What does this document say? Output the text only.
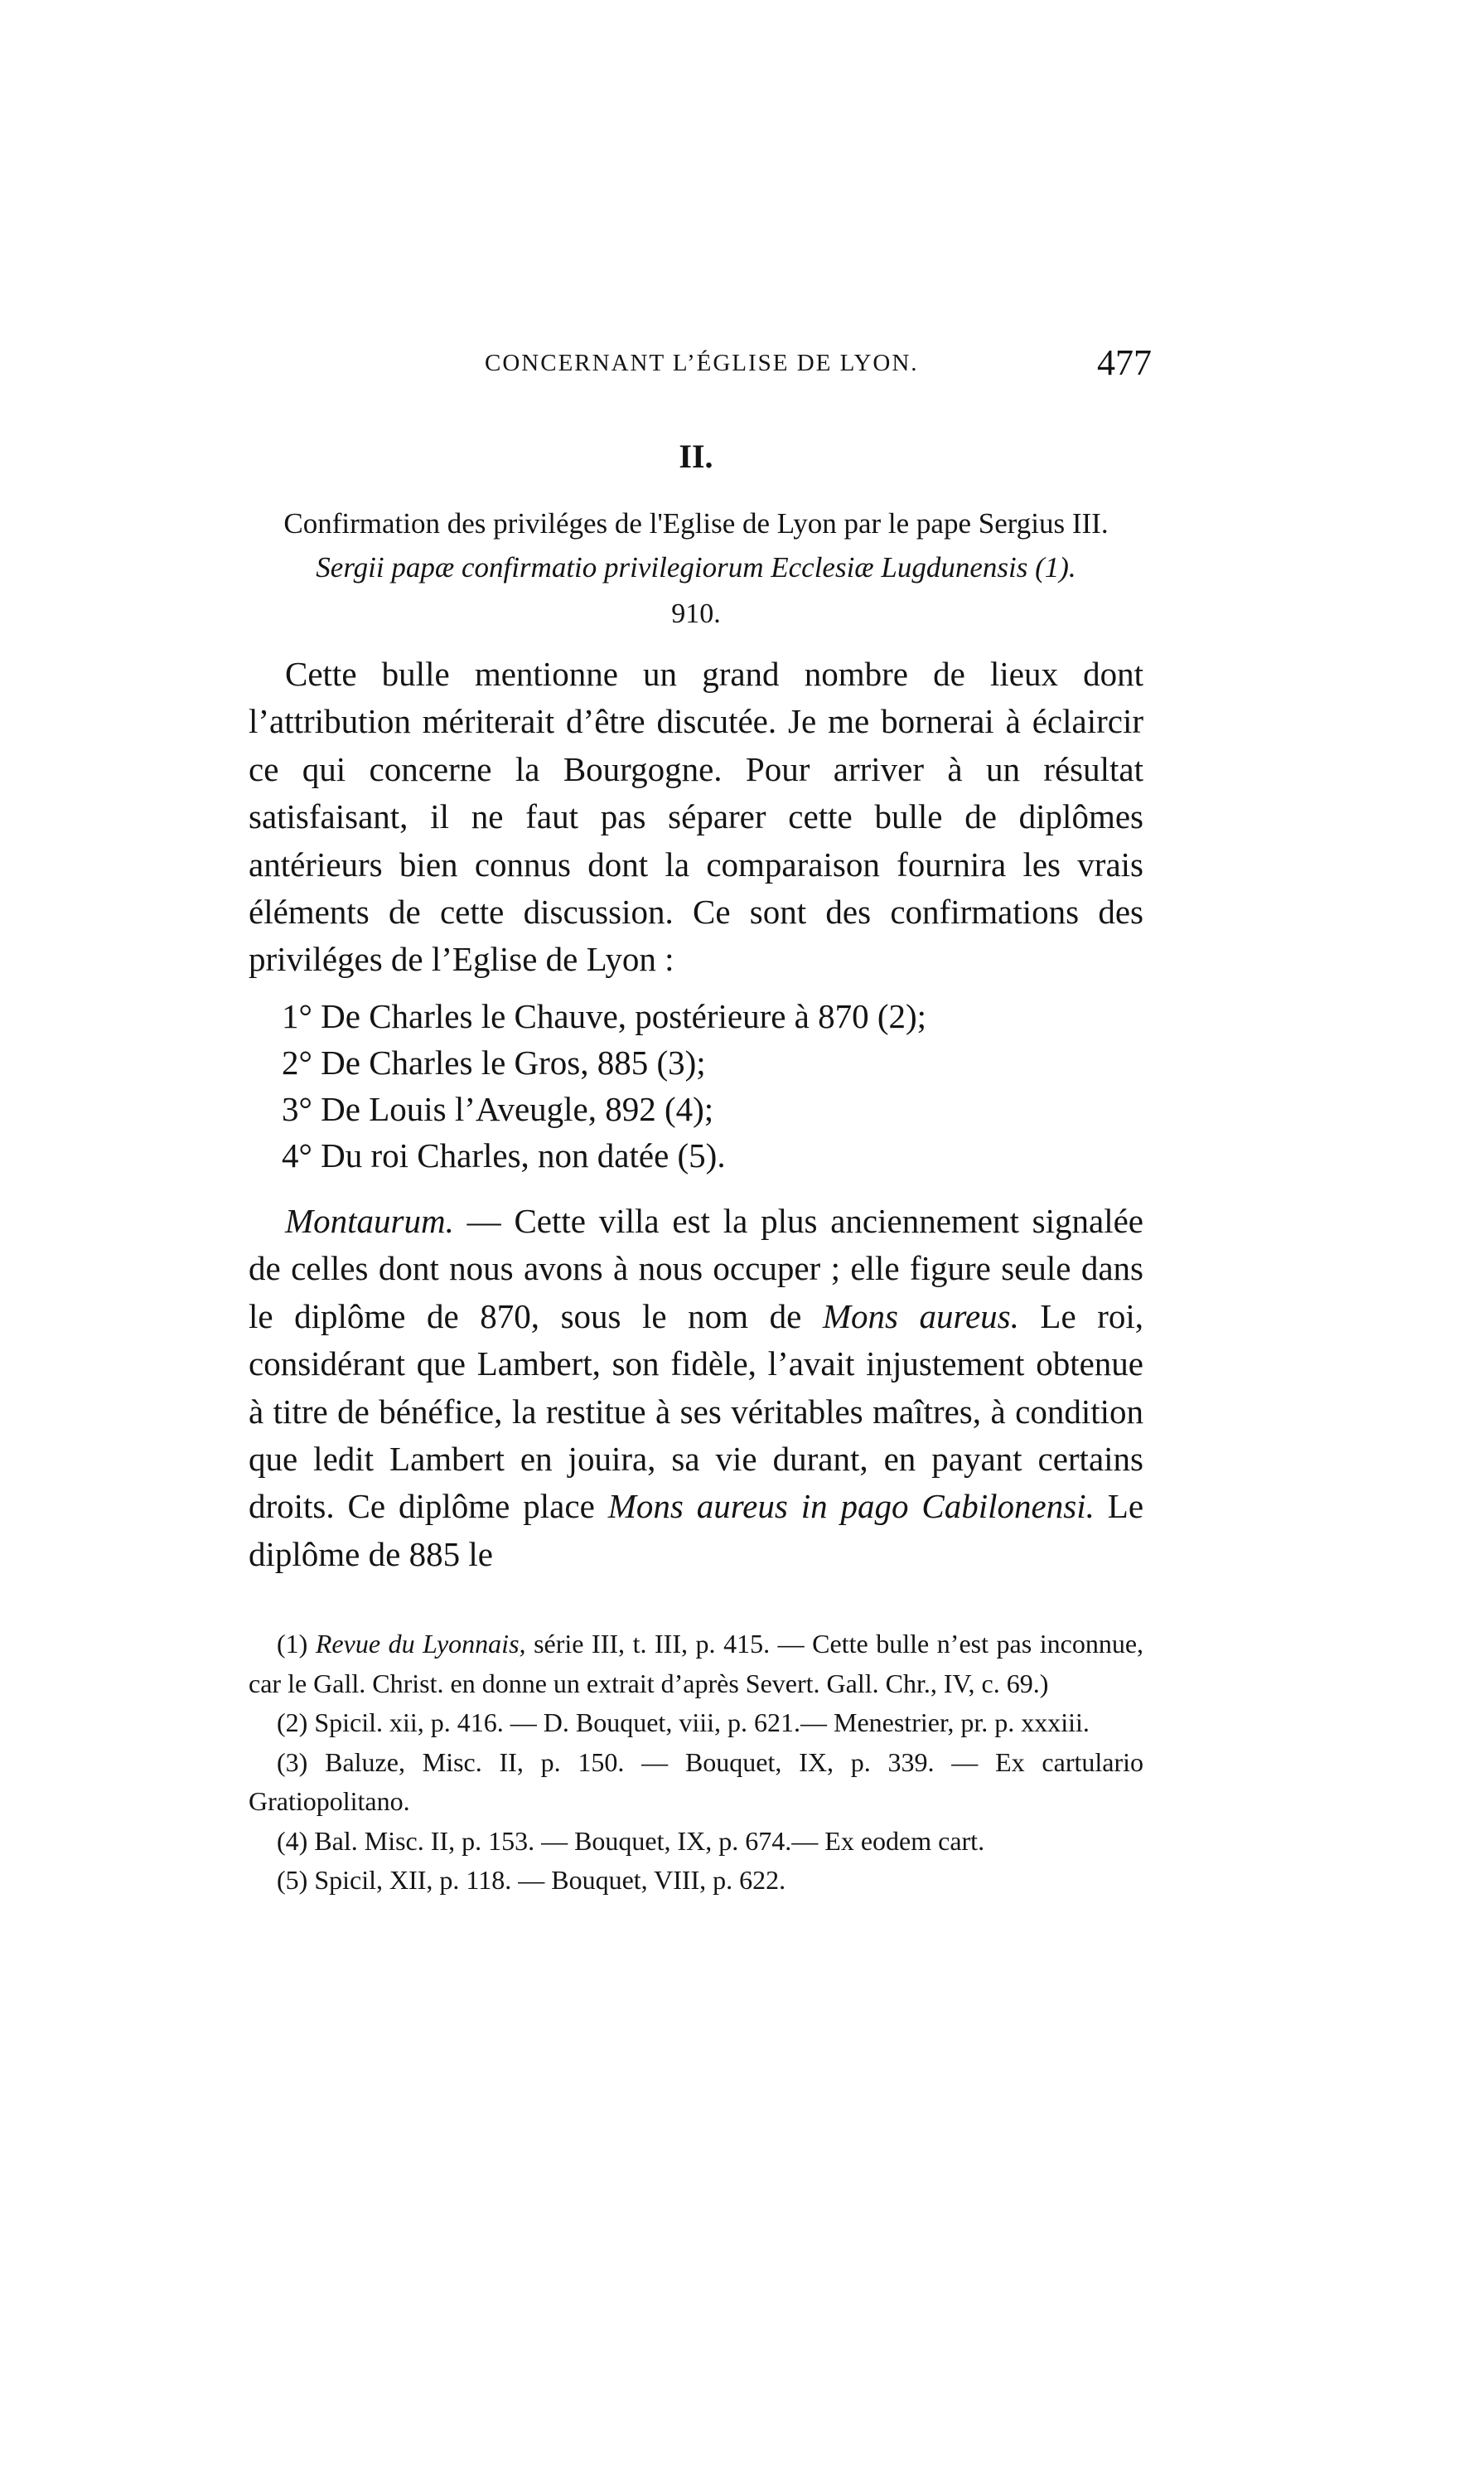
CONCERNANT L’ÉGLISE DE LYON.	477
II.
Confirmation des priviléges de l'Eglise de Lyon par le pape Sergius III.
Sergii papæ confirmatio privilegiorum Ecclesiæ Lugdunensis (1).
910.

Cette bulle mentionne un grand nombre de lieux dont l’attribution mériterait d’être discutée. Je me bornerai à éclaircir ce qui concerne la Bourgogne. Pour arriver à un résultat satisfaisant, il ne faut pas séparer cette bulle de diplômes antérieurs bien connus dont la comparaison fournira les vrais éléments de cette discussion. Ce sont des confirmations des priviléges de l’Eglise de Lyon :

1° De Charles le Chauve, postérieure à 870 (2);
2° De Charles le Gros, 885 (3);
3° De Louis l’Aveugle, 892 (4);
4° Du roi Charles, non datée (5).

Montaurum. — Cette villa est la plus anciennement signalée de celles dont nous avons à nous occuper ; elle figure seule dans le diplôme de 870, sous le nom de Mons aureus. Le roi, considérant que Lambert, son fidèle, l’avait injustement obtenue à titre de bénéfice, la restitue à ses véritables maîtres, à condition que ledit Lambert en jouira, sa vie durant, en payant certains droits. Ce diplôme place Mons aureus in pago Cabilonensi. Le diplôme de 885 le

(1) Revue du Lyonnais, série III, t. III, p. 415. — Cette bulle n’est pas inconnue, car le Gall. Christ. en donne un extrait d’après Severt. Gall. Chr., IV, c. 69.)

(2) Spicil. xii, p. 416. — D. Bouquet, viii, p. 621.— Menestrier, pr. p. xxxiii.

(3) Baluze, Misc. II, p. 150. — Bouquet, IX, p. 339. — Ex cartulario Gratiopolitano.

(4) Bal. Misc. II, p. 153. — Bouquet, IX, p. 674.— Ex eodem cart.

(5) Spicil, XII, p. 118. — Bouquet, VIII, p. 622.
